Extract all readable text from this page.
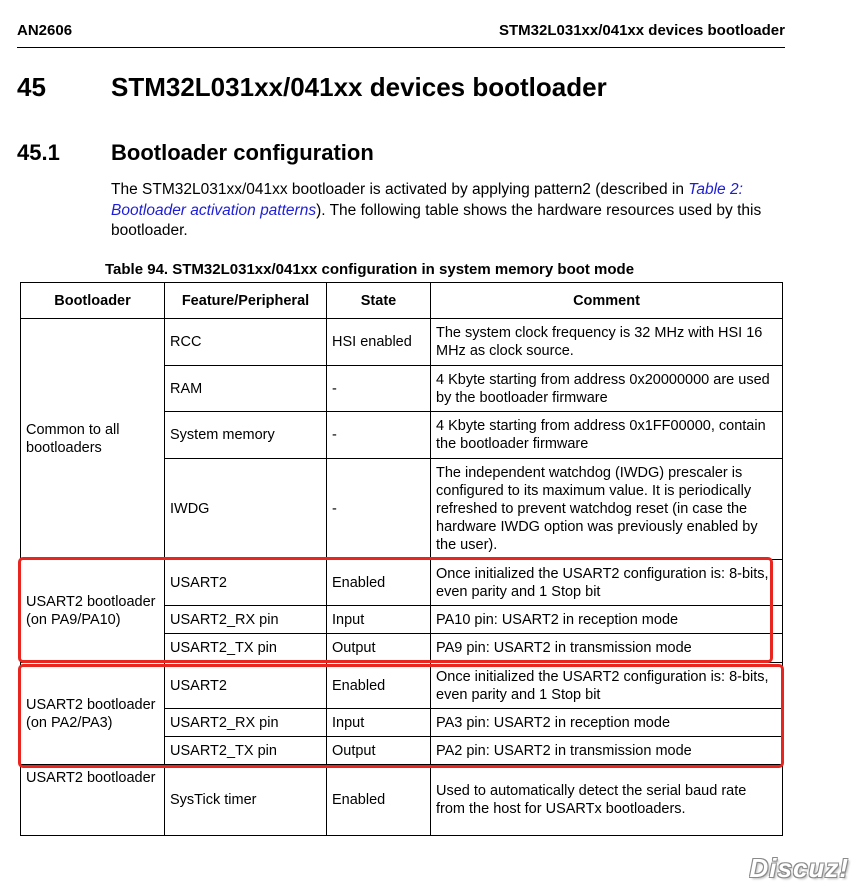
AN2606	STM32L031xx/041xx devices bootloader
45	STM32L031xx/041xx devices bootloader
45.1 Bootloader configuration

The STM32L031xx/041xx bootloader is activated by applying pattern2 (described in Table 2: Bootloader activation patterns). The following table shows the hardware resources used by this bootloader.

Table 94. STM32L031xx/041xx configuration in system memory boot mode
Bootloader	Feature/Peripheral	State	Comment
Common to all bootloaders	RCC	HSI enabled	The system clock frequency is 32 MHz with HSI 16 MHz as clock source.
	RAM	-	4 Kbyte starting from address 0x20000000 are used by the bootloader firmware
	System memory	-	4 Kbyte starting from address 0x1FF00000, contain the bootloader firmware
	IWDG	-	The independent watchdog (IWDG) prescaler is configured to its maximum value. It is periodically refreshed to prevent watchdog reset (in case the hardware IWDG option was previously enabled by the user).
USART2 bootloader (on PA9/PA10)	USART2	Enabled	Once initialized the USART2 configuration is: 8-bits, even parity and 1 Stop bit
	USART2_RX pin	Input	PA10 pin: USART2 in reception mode
	USART2_TX pin	Output	PA9 pin: USART2 in transmission mode
USART2 bootloader (on PA2/PA3)	USART2	Enabled	Once initialized the USART2 configuration is: 8-bits, even parity and 1 Stop bit
	USART2_RX pin	Input	PA3 pin: USART2 in reception mode
	USART2_TX pin	Output	PA2 pin: USART2 in transmission mode
USART2 bootloader	SysTick timer	Enabled	Used to automatically detect the serial baud rate from the host for USARTx bootloaders.
Discuz!
